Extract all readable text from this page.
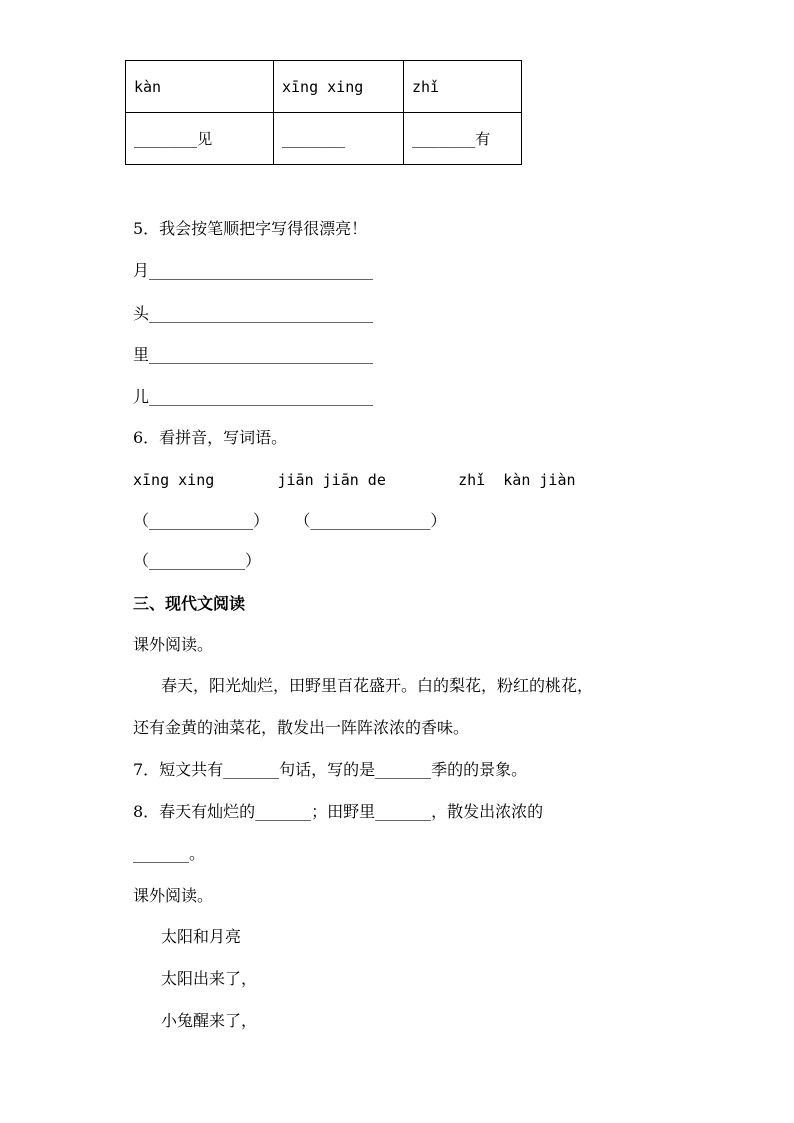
kàn	xīng xing	zhǐ
_______见	_______	_______有
5．我会按笔顺把字写得很漂亮！
月____________________________
头____________________________
里____________________________
儿____________________________
6．看拼音，写词语。
xīng xing       jiān jiān de        zhǐ  kàn jiàn
（_____________）     （_______________）
（____________）
三、现代文阅读
课外阅读。
春天，阳光灿烂，田野里百花盛开。白的梨花，粉红的桃花，
还有金黄的油菜花，散发出一阵阵浓浓的香味。
7．短文共有_______句话，写的是_______季的的景象。
8．春天有灿烂的_______；田野里_______，散发出浓浓的
_______。
课外阅读。
太阳和月亮
太阳出来了，
小兔醒来了，
